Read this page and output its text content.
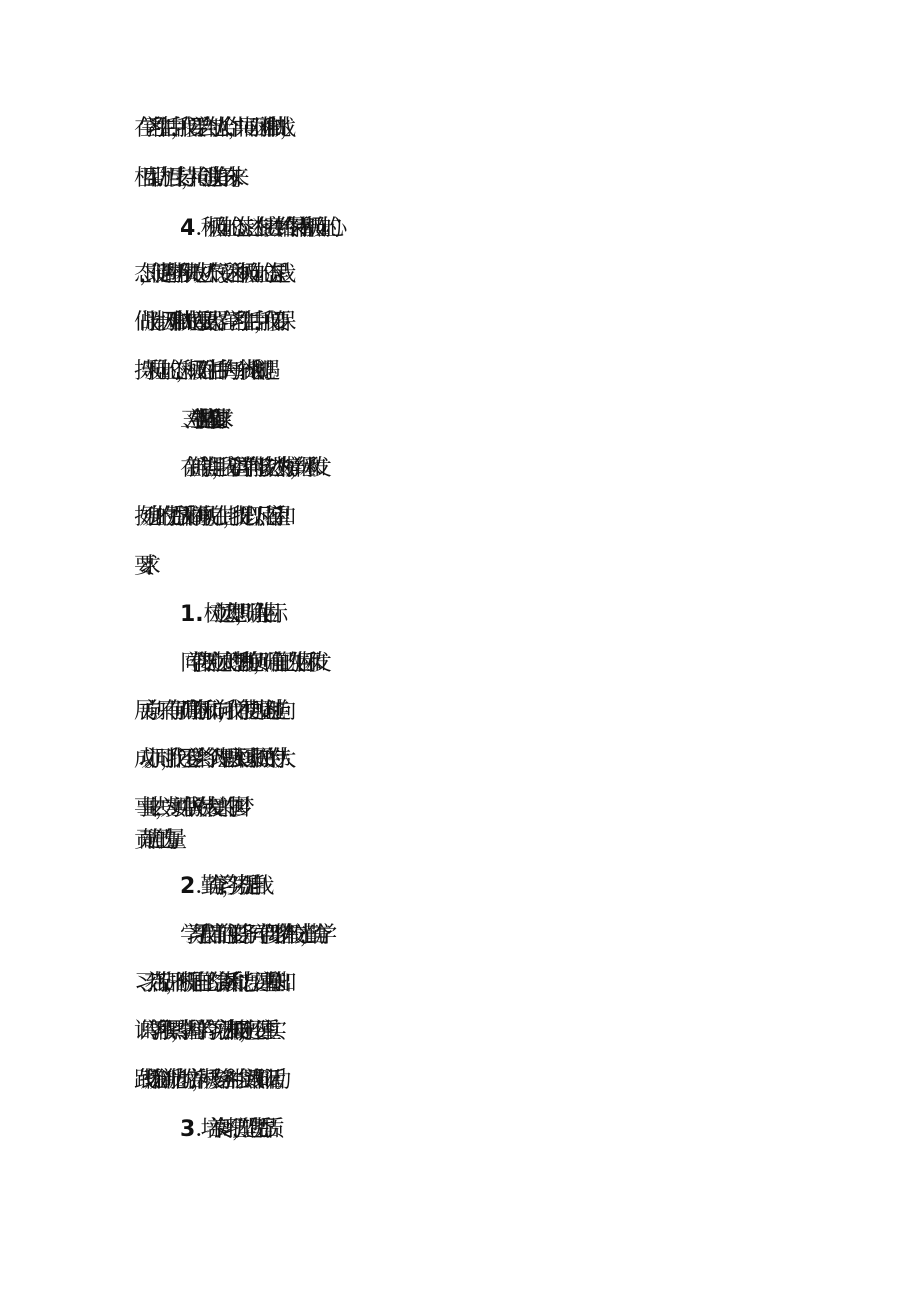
在学习和生活中，我们要学会与他人合作，共同面对困难和挑战，
相互帮助、相互支持，共同创造美好的未来。
4．积极向上的心态：赵杰在比赛中始终保持着积极向上的心
态，即使遇到挫折和失败也从不气馁。这种积极向上的心态是我
们战胜一切困难和挑战的重要武器。在学习和生活中，我们要保
持乐观向上的心态，积极面对生活中的每一个挑战和机遇。
三、对学生提出几点希望和要求
在新的学期里，我希望同学们能够以赵杰为榜样，继承和发
扬她身上的优秀品质和精神风貌。在此，我提出以下几点希望和
要求：
1.树立远大理想，明确人生目标
同学们要树立远大的理想和抱负，明确自己的人生目标和发
展方向。只有有了明确的目标和方向，我们才能更加坚定地走向
成功。同时，我们还要学会将个人理想融入到国家和民族的伟大
事业中去，为实现中华民族伟大复兴的中国梦
贡献自己的力量。
2．勤奋学习，努力提升自我
学习是我们当前的主要任务。同学们要珍惜在校时光，勤奋学
习、刻苦钻研，不断提升自己的综合素质和能力。要注重基础知
识的学习和积累，掌握科学的学习方法和技巧;同时，还要注重实
践锻炼和创新能力的培养，积极参与各种社会实践和科研活动。
3．培养良好习惯，塑造优秀品质
